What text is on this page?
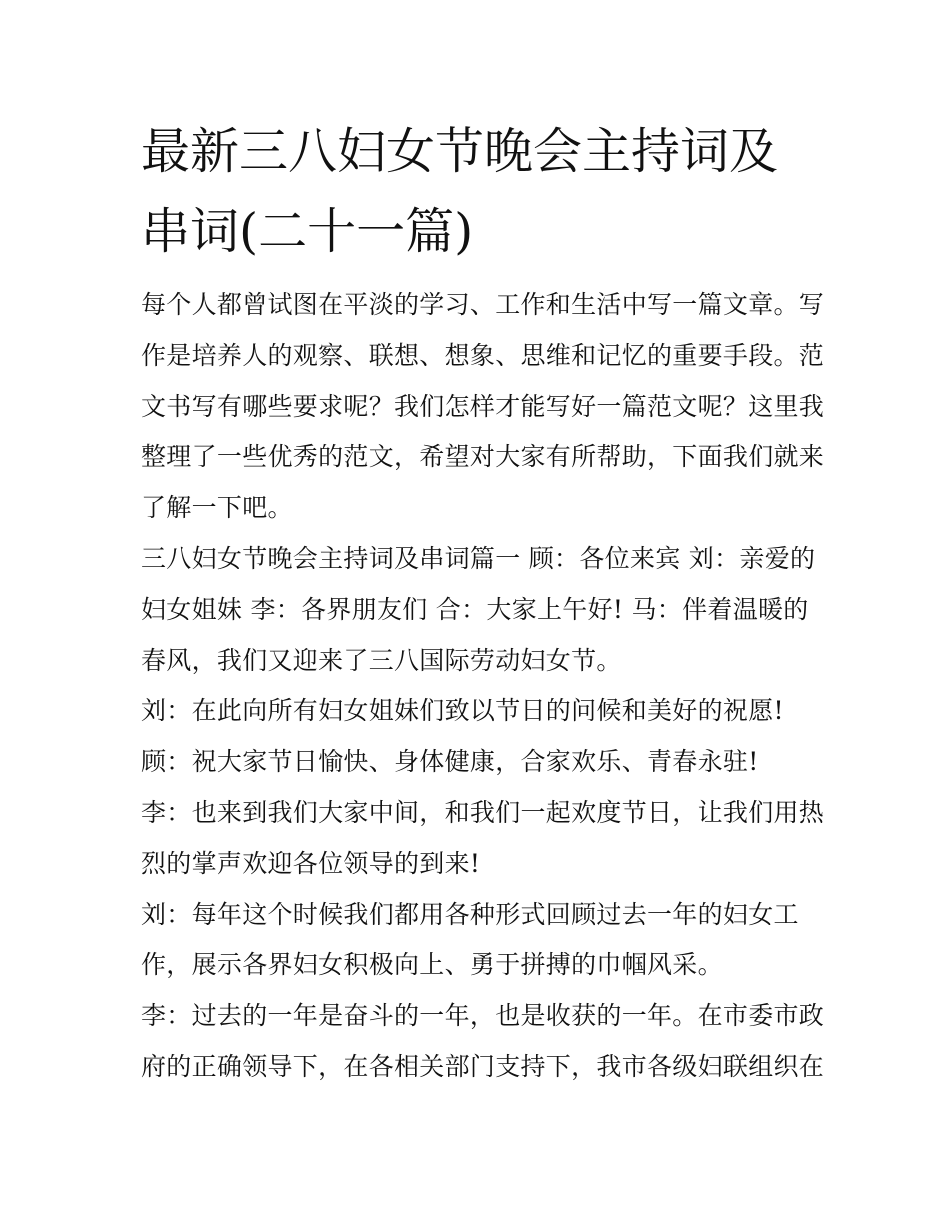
最新三八妇女节晚会主持词及
串词(二十一篇)
每个人都曾试图在平淡的学习、工作和生活中写一篇文章。写
作是培养人的观察、联想、想象、思维和记忆的重要手段。范
文书写有哪些要求呢？我们怎样才能写好一篇范文呢？这里我
整理了一些优秀的范文，希望对大家有所帮助，下面我们就来
了解一下吧。
三八妇女节晚会主持词及串词篇一 顾：各位来宾 刘：亲爱的
妇女姐妹 李：各界朋友们 合：大家上午好! 马：伴着温暖的
春风，我们又迎来了三八国际劳动妇女节。
刘：在此向所有妇女姐妹们致以节日的问候和美好的祝愿!
顾：祝大家节日愉快、身体健康，合家欢乐、青春永驻!
李：也来到我们大家中间，和我们一起欢度节日，让我们用热
烈的掌声欢迎各位领导的到来!
刘：每年这个时候我们都用各种形式回顾过去一年的妇女工
作，展示各界妇女积极向上、勇于拼搏的巾帼风采。
李：过去的一年是奋斗的一年，也是收获的一年。在市委市政
府的正确领导下，在各相关部门支持下，我市各级妇联组织在
